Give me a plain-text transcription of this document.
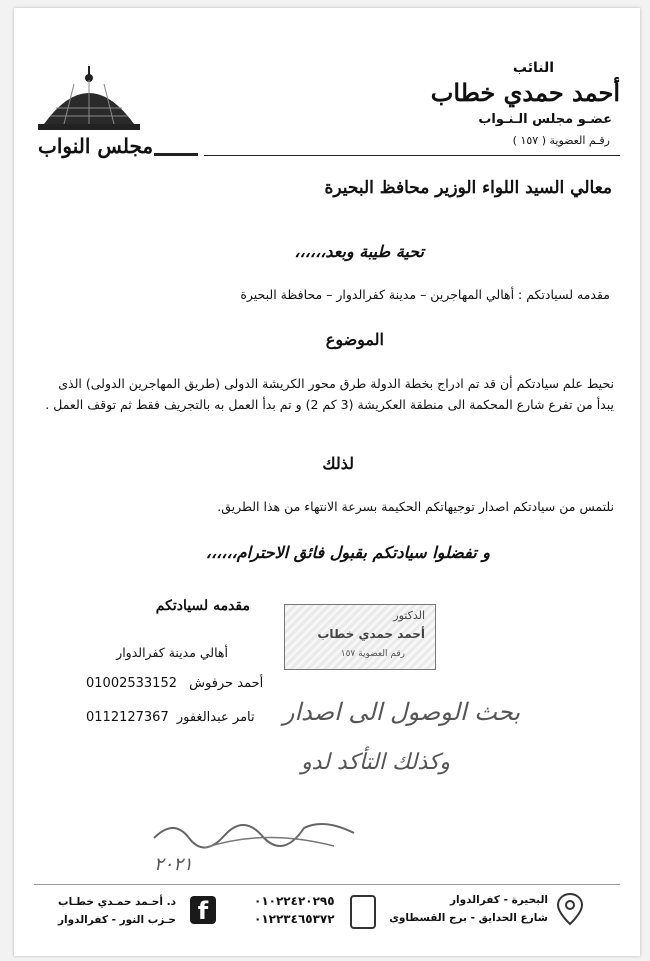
النائب
أحمد حمدي خطاب
عضـو مجلس الـنـواب
رقـم العضوية ( ١٥٧ )
مجلس النواب
معالي السيد اللواء الوزير محافظ البحيرة
تحية طيبة وبعد،،،،،،
مقدمه لسيادتكم : أهالي المهاجرين – مدينة كفرالدوار – محافظة البحيرة
الموضوع
نحيط علم سيادتكم أن قد تم ادراج بخطة الدولة طرق محور الكريشة الدولى (طريق المهاجرين الدولى) الذى
يبدأ من تفرع شارع المحكمة الى منطقة العكريشة (3 كم 2) و تم بدأ العمل به بالتجريف فقط ثم توقف العمل .
لذلك
نلتمس من سيادتكم اصدار توجيهاتكم الحكيمة بسرعة الانتهاء من هذا الطريق.
و تفضلوا سيادتكم بقبول فائق الاحترام،،،،،،
مقدمه لسيادتكم
أهالي مدينة كفرالدوار
01002533152 أحمد حرفوش
0112127367 تامر عبدالغفور
الدكتور
أحمد حمدي خطاب
رقم العضوية ١٥٧
بحث الوصول الى اصدار
وكذلك التأكد لدو
٢٠٢١
البحيرة - كفرالدوار
شارع الحدايق - برج القسطاوى
٠١٠٢٢٤٢٠٢٩٥
٠١٢٢٣٤٦٥٣٧٢
f
د. أحـمد حمـدي خطـاب
حـزب النور - كفرالدوار
